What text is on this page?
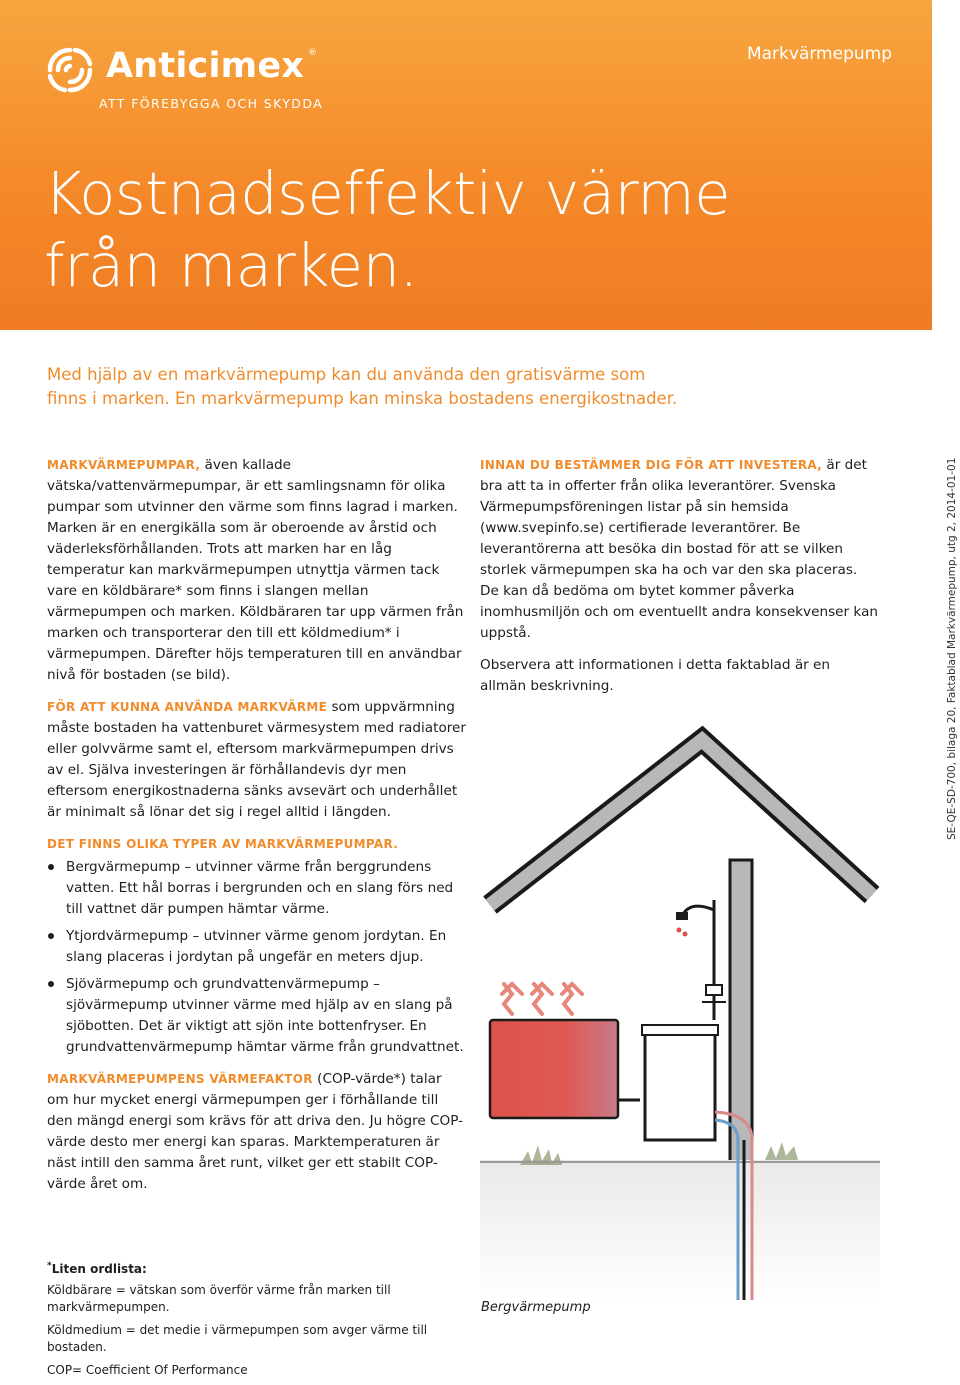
Anticimex ®
ATT FÖREBYGGA OCH SKYDDA
Markvärmepump
Kostnadseffektiv värme
från marken.
Med hjälp av en markvärmepump kan du använda den gratisvärme som finns i marken. En markvärmepump kan minska bostadens energikostnader.

MARKVÄRMEPUMPAR, även kallade vätska/vattenvärmepumpar, är ett samlingsnamn för olika pumpar som utvinner den värme som finns lagrad i marken. Marken är en energikälla som är oberoende av årstid och väderleksförhållanden. Trots att marken har en låg temperatur kan markvärmepumpen utnyttja värmen tack vare en köldbärare* som finns i slangen mellan värmepumpen och marken. Köldbäraren tar upp värmen från marken och transporterar den till ett köldmedium* i värmepumpen. Därefter höjs temperaturen till en användbar nivå för bostaden (se bild).

FÖR ATT KUNNA ANVÄNDA MARKVÄRME som uppvärmning måste bostaden ha vattenburet värmesystem med radiatorer eller golvvärme samt el, eftersom markvärmepumpen drivs av el. Själva investeringen är förhållandevis dyr men eftersom energikostnaderna sänks avsevärt och underhållet är minimalt så lönar det sig i regel alltid i längden.

DET FINNS OLIKA TYPER AV MARKVÄRMEPUMPAR.
Bergvärmepump – utvinner värme från berggrundens vatten. Ett hål borras i bergrunden och en slang förs ned till vattnet där pumpen hämtar värme.
Ytjordvärmepump – utvinner värme genom jordytan. En slang placeras i jordytan på ungefär en meters djup.
Sjövärmepump och grundvattenvärmepump – sjövärmepump utvinner värme med hjälp av en slang på sjöbotten. Det är viktigt att sjön inte bottenfryser. En grundvattenvärmepump hämtar värme från grundvattnet.

MARKVÄRMEPUMPENS VÄRMEFAKTOR (COP-värde*) talar om hur mycket energi värmepumpen ger i förhållande till den mängd energi som krävs för att driva den. Ju högre COP-värde desto mer energi kan sparas. Marktemperaturen är näst intill den samma året runt, vilket ger ett stabilt COP-värde året om.

INNAN DU BESTÄMMER DIG FÖR ATT INVESTERA, är det bra att ta in offerter från olika leverantörer. Svenska Värmepumpsföreningen listar på sin hemsida (www.svepinfo.se) certifierade leverantörer. Be leverantörerna att besöka din bostad för att se vilken storlek värmepumpen ska ha och var den ska placeras. De kan då bedöma om bytet kommer påverka inomhusmiljön och om eventuellt andra konsekvenser kan uppstå.

Observera att informationen i detta faktablad är en allmän beskrivning.

Bergvärmepump
SE-QE-SD-700, bilaga 20, Faktablad Markvärmepump, utg 2, 2014-01-01
*Liten ordlista:

Köldbärare = vätskan som överför värme från marken till markvärmepumpen.

Köldmedium = det medie i värmepumpen som avger värme till bostaden.

COP= Coefficient Of Performance
